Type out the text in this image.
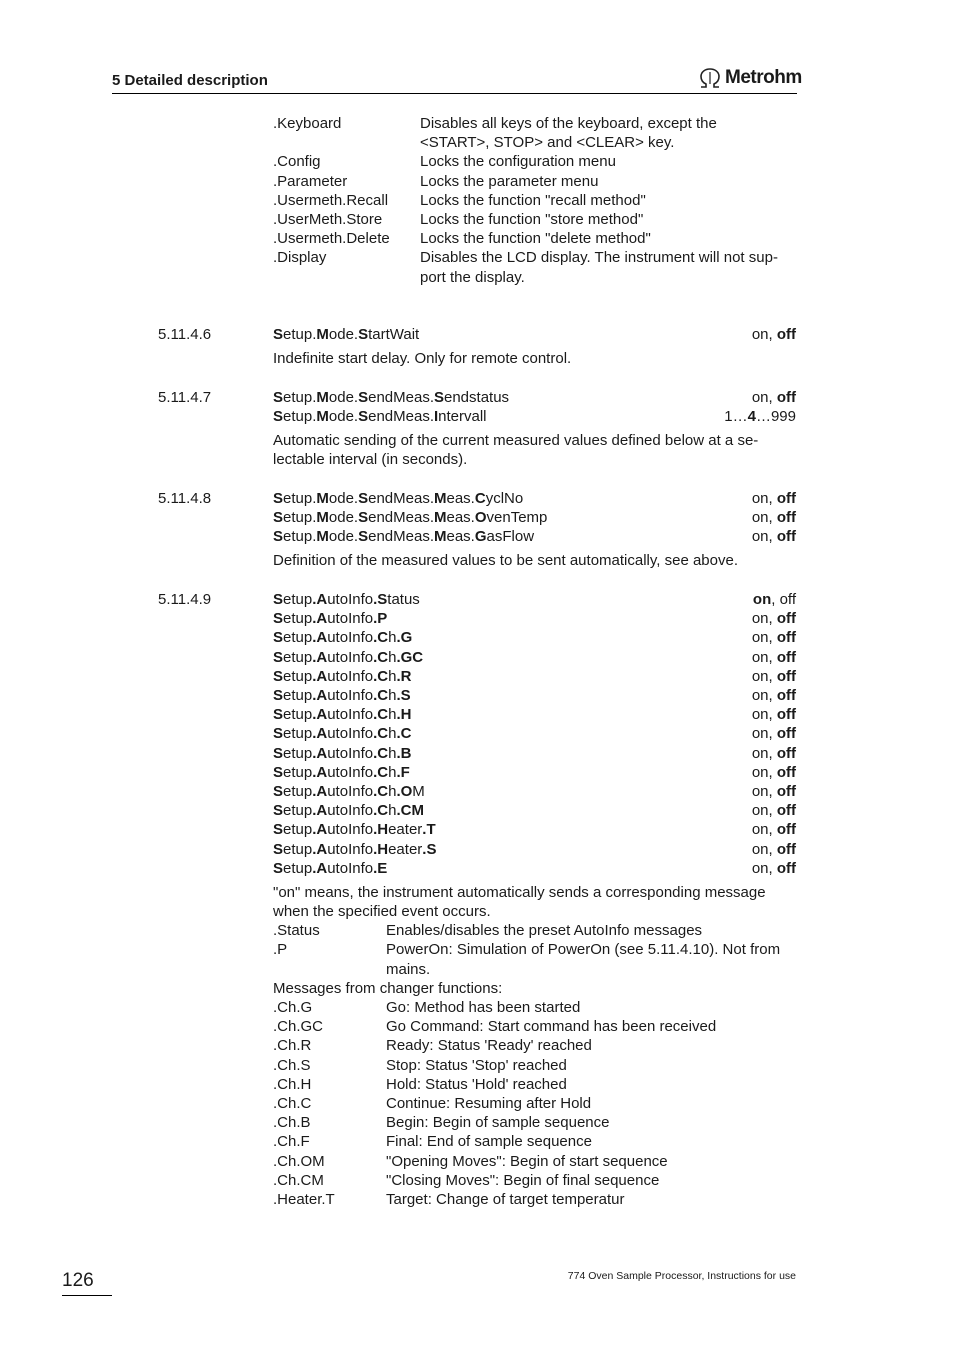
5 Detailed description	Metrohm
.Keyboard	Disables all keys of the keyboard, except the
<START>, STOP> and <CLEAR> key.
.Config	Locks the configuration menu
.Parameter	Locks the parameter menu
.Usermeth.Recall Locks the function "recall method"
.UserMeth.Store	Locks the function "store method"
.Usermeth.Delete Locks the function "delete method"
.Display	Disables the LCD display. The instrument will not sup-
port the display.
5.11.4.6	Setup.Mode.StartWait	on, off
Indefinite start delay. Only for remote control.
5.11.4.7	Setup.Mode.SendMeas.Sendstatus	on, off
Setup.Mode.SendMeas.Intervall	1…4…999
Automatic sending of the current measured values defined below at a se-
lectable interval (in seconds).
5.11.4.8	Setup.Mode.SendMeas.Meas.CyclNo	on, off
Setup.Mode.SendMeas.Meas.OvenTemp	on, off
Setup.Mode.SendMeas.Meas.GasFlow	on, off
Definition of the measured values to be sent automatically, see above.
5.11.4.9	Setup.AutoInfo.Status	on, off
Setup.AutoInfo.P	on, off
Setup.AutoInfo.Ch.G	on, off
Setup.AutoInfo.Ch.GC	on, off
Setup.AutoInfo.Ch.R	on, off
Setup.AutoInfo.Ch.S	on, off
Setup.AutoInfo.Ch.H	on, off
Setup.AutoInfo.Ch.C	on, off
Setup.AutoInfo.Ch.B	on, off
Setup.AutoInfo.Ch.F	on, off
Setup.AutoInfo.Ch.OM	on, off
Setup.AutoInfo.Ch.CM	on, off
Setup.AutoInfo.Heater.T	on, off
Setup.AutoInfo.Heater.S	on, off
Setup.AutoInfo.E	on, off
"on" means, the instrument automatically sends a corresponding message
when the specified event occurs.
.Status	Enables/disables the preset AutoInfo messages
.P	PowerOn: Simulation of PowerOn (see 5.11.4.10). Not from
mains.
Messages from changer functions:
.Ch.G	Go: Method has been started
.Ch.GC	Go Command: Start command has been received
.Ch.R	Ready: Status 'Ready' reached
.Ch.S	Stop: Status 'Stop' reached
.Ch.H	Hold: Status 'Hold' reached
.Ch.C	Continue: Resuming after Hold
.Ch.B	Begin: Begin of sample sequence
.Ch.F	Final: End of sample sequence
.Ch.OM	"Opening Moves": Begin of start sequence
.Ch.CM	"Closing Moves": Begin of final sequence
.Heater.T	Target: Change of target temperatur
126	774 Oven Sample Processor, Instructions for use
